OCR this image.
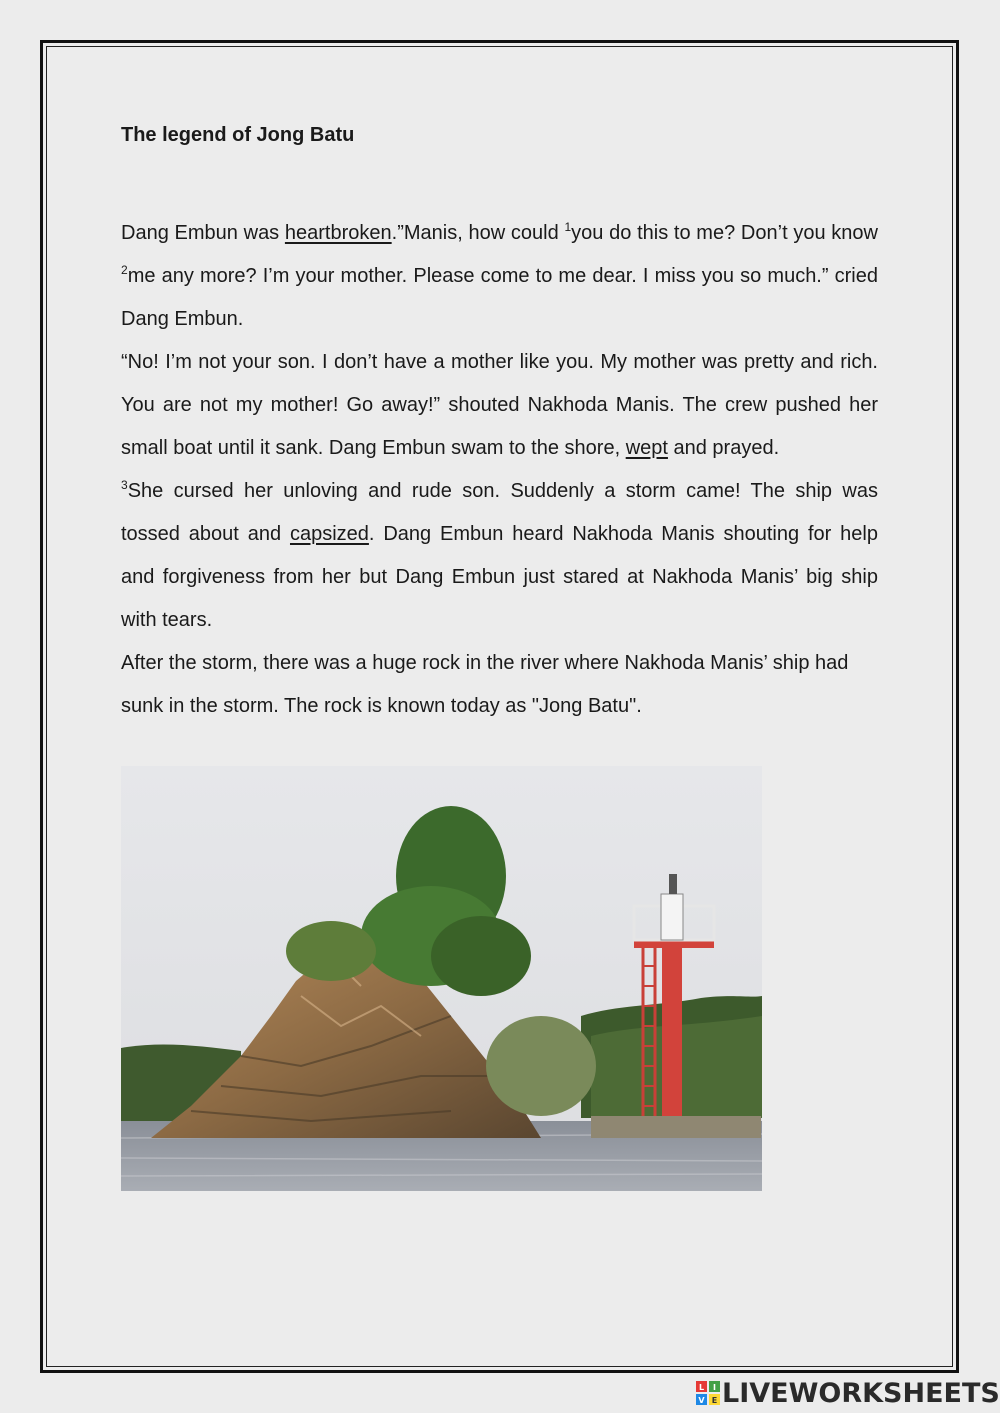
The legend of Jong Batu

Dang Embun was heartbroken.”Manis, how could $^1$you do this to me? Don’t you know $^2$me any more? I’m your mother. Please come to me dear. I miss you so much.” cried Dang Embun.

“No! I’m not your son. I don’t have a mother like you. My mother was pretty and rich. You are not my mother! Go away!” shouted Nakhoda Manis. The crew pushed her small boat until it sank. Dang Embun swam to the shore, wept and prayed.

$^3$She cursed her unloving and rude son. Suddenly a storm came! The ship was tossed about and capsized. Dang Embun heard Nakhoda Manis shouting for help and forgiveness from her but Dang Embun just stared at Nakhoda Manis’ big ship with tears.

After the storm, there was a huge rock in the river where Nakhoda Manis’ ship had sunk in the storm. The rock is known today as "Jong Batu".

L I
V E LIVEWORKSHEETS
